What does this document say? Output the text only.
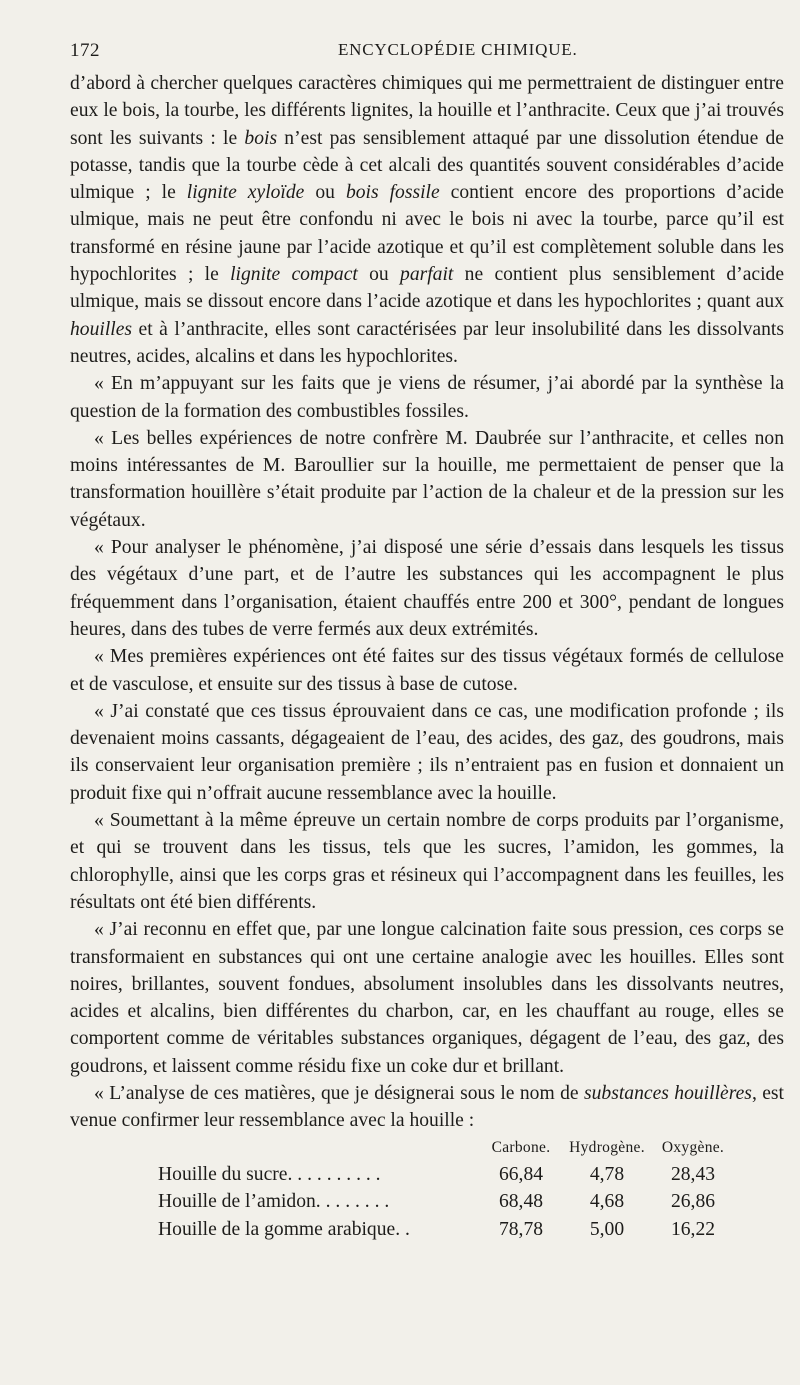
172	ENCYCLOPÉDIE CHIMIQUE.

d’abord à chercher quelques caractères chimiques qui me permettraient de distinguer entre eux le bois, la tourbe, les différents lignites, la houille et l’anthracite. Ceux que j’ai trouvés sont les suivants : le bois n’est pas sensiblement attaqué par une dissolution étendue de potasse, tandis que la tourbe cède à cet alcali des quantités souvent considérables d’acide ulmique ; le lignite xyloïde ou bois fossile contient encore des proportions d’acide ulmique, mais ne peut être confondu ni avec le bois ni avec la tourbe, parce qu’il est transformé en résine jaune par l’acide azotique et qu’il est complètement soluble dans les hypochlorites ; le lignite compact ou parfait ne contient plus sensiblement d’acide ulmique, mais se dissout encore dans l’acide azotique et dans les hypochlorites ; quant aux houilles et à l’anthracite, elles sont caractérisées par leur insolubilité dans les dissolvants neutres, acides, alcalins et dans les hypochlorites.

« En m’appuyant sur les faits que je viens de résumer, j’ai abordé par la synthèse la question de la formation des combustibles fossiles.

« Les belles expériences de notre confrère M. Daubrée sur l’anthracite, et celles non moins intéressantes de M. Baroullier sur la houille, me permettaient de penser que la transformation houillère s’était produite par l’action de la chaleur et de la pression sur les végétaux.

« Pour analyser le phénomène, j’ai disposé une série d’essais dans lesquels les tissus des végétaux d’une part, et de l’autre les substances qui les accompagnent le plus fréquemment dans l’organisation, étaient chauffés entre 200 et 300°, pendant de longues heures, dans des tubes de verre fermés aux deux extrémités.

« Mes premières expériences ont été faites sur des tissus végétaux formés de cellulose et de vasculose, et ensuite sur des tissus à base de cutose.

« J’ai constaté que ces tissus éprouvaient dans ce cas, une modification profonde ; ils devenaient moins cassants, dégageaient de l’eau, des acides, des gaz, des goudrons, mais ils conservaient leur organisation première ; ils n’entraient pas en fusion et donnaient un produit fixe qui n’offrait aucune ressemblance avec la houille.

« Soumettant à la même épreuve un certain nombre de corps produits par l’organisme, et qui se trouvent dans les tissus, tels que les sucres, l’amidon, les gommes, la chlorophylle, ainsi que les corps gras et résineux qui l’accompagnent dans les feuilles, les résultats ont été bien différents.

« J’ai reconnu en effet que, par une longue calcination faite sous pression, ces corps se transformaient en substances qui ont une certaine analogie avec les houilles. Elles sont noires, brillantes, souvent fondues, absolument insolubles dans les dissolvants neutres, acides et alcalins, bien différentes du charbon, car, en les chauffant au rouge, elles se comportent comme de véritables substances organiques, dégagent de l’eau, des gaz, des goudrons, et laissent comme résidu fixe un coke dur et brillant.

« L’analyse de ces matières, que je désignerai sous le nom de substances houillères, est venue confirmer leur ressemblance avec la houille :

	Carbone.	Hydrogène.	Oxygène.
Houille du sucre. . . . . . . . . .	66,84	4,78	28,43
Houille de l’amidon. . . . . . . .	68,48	4,68	26,86
Houille de la gomme arabique. .	78,78	5,00	16,22
